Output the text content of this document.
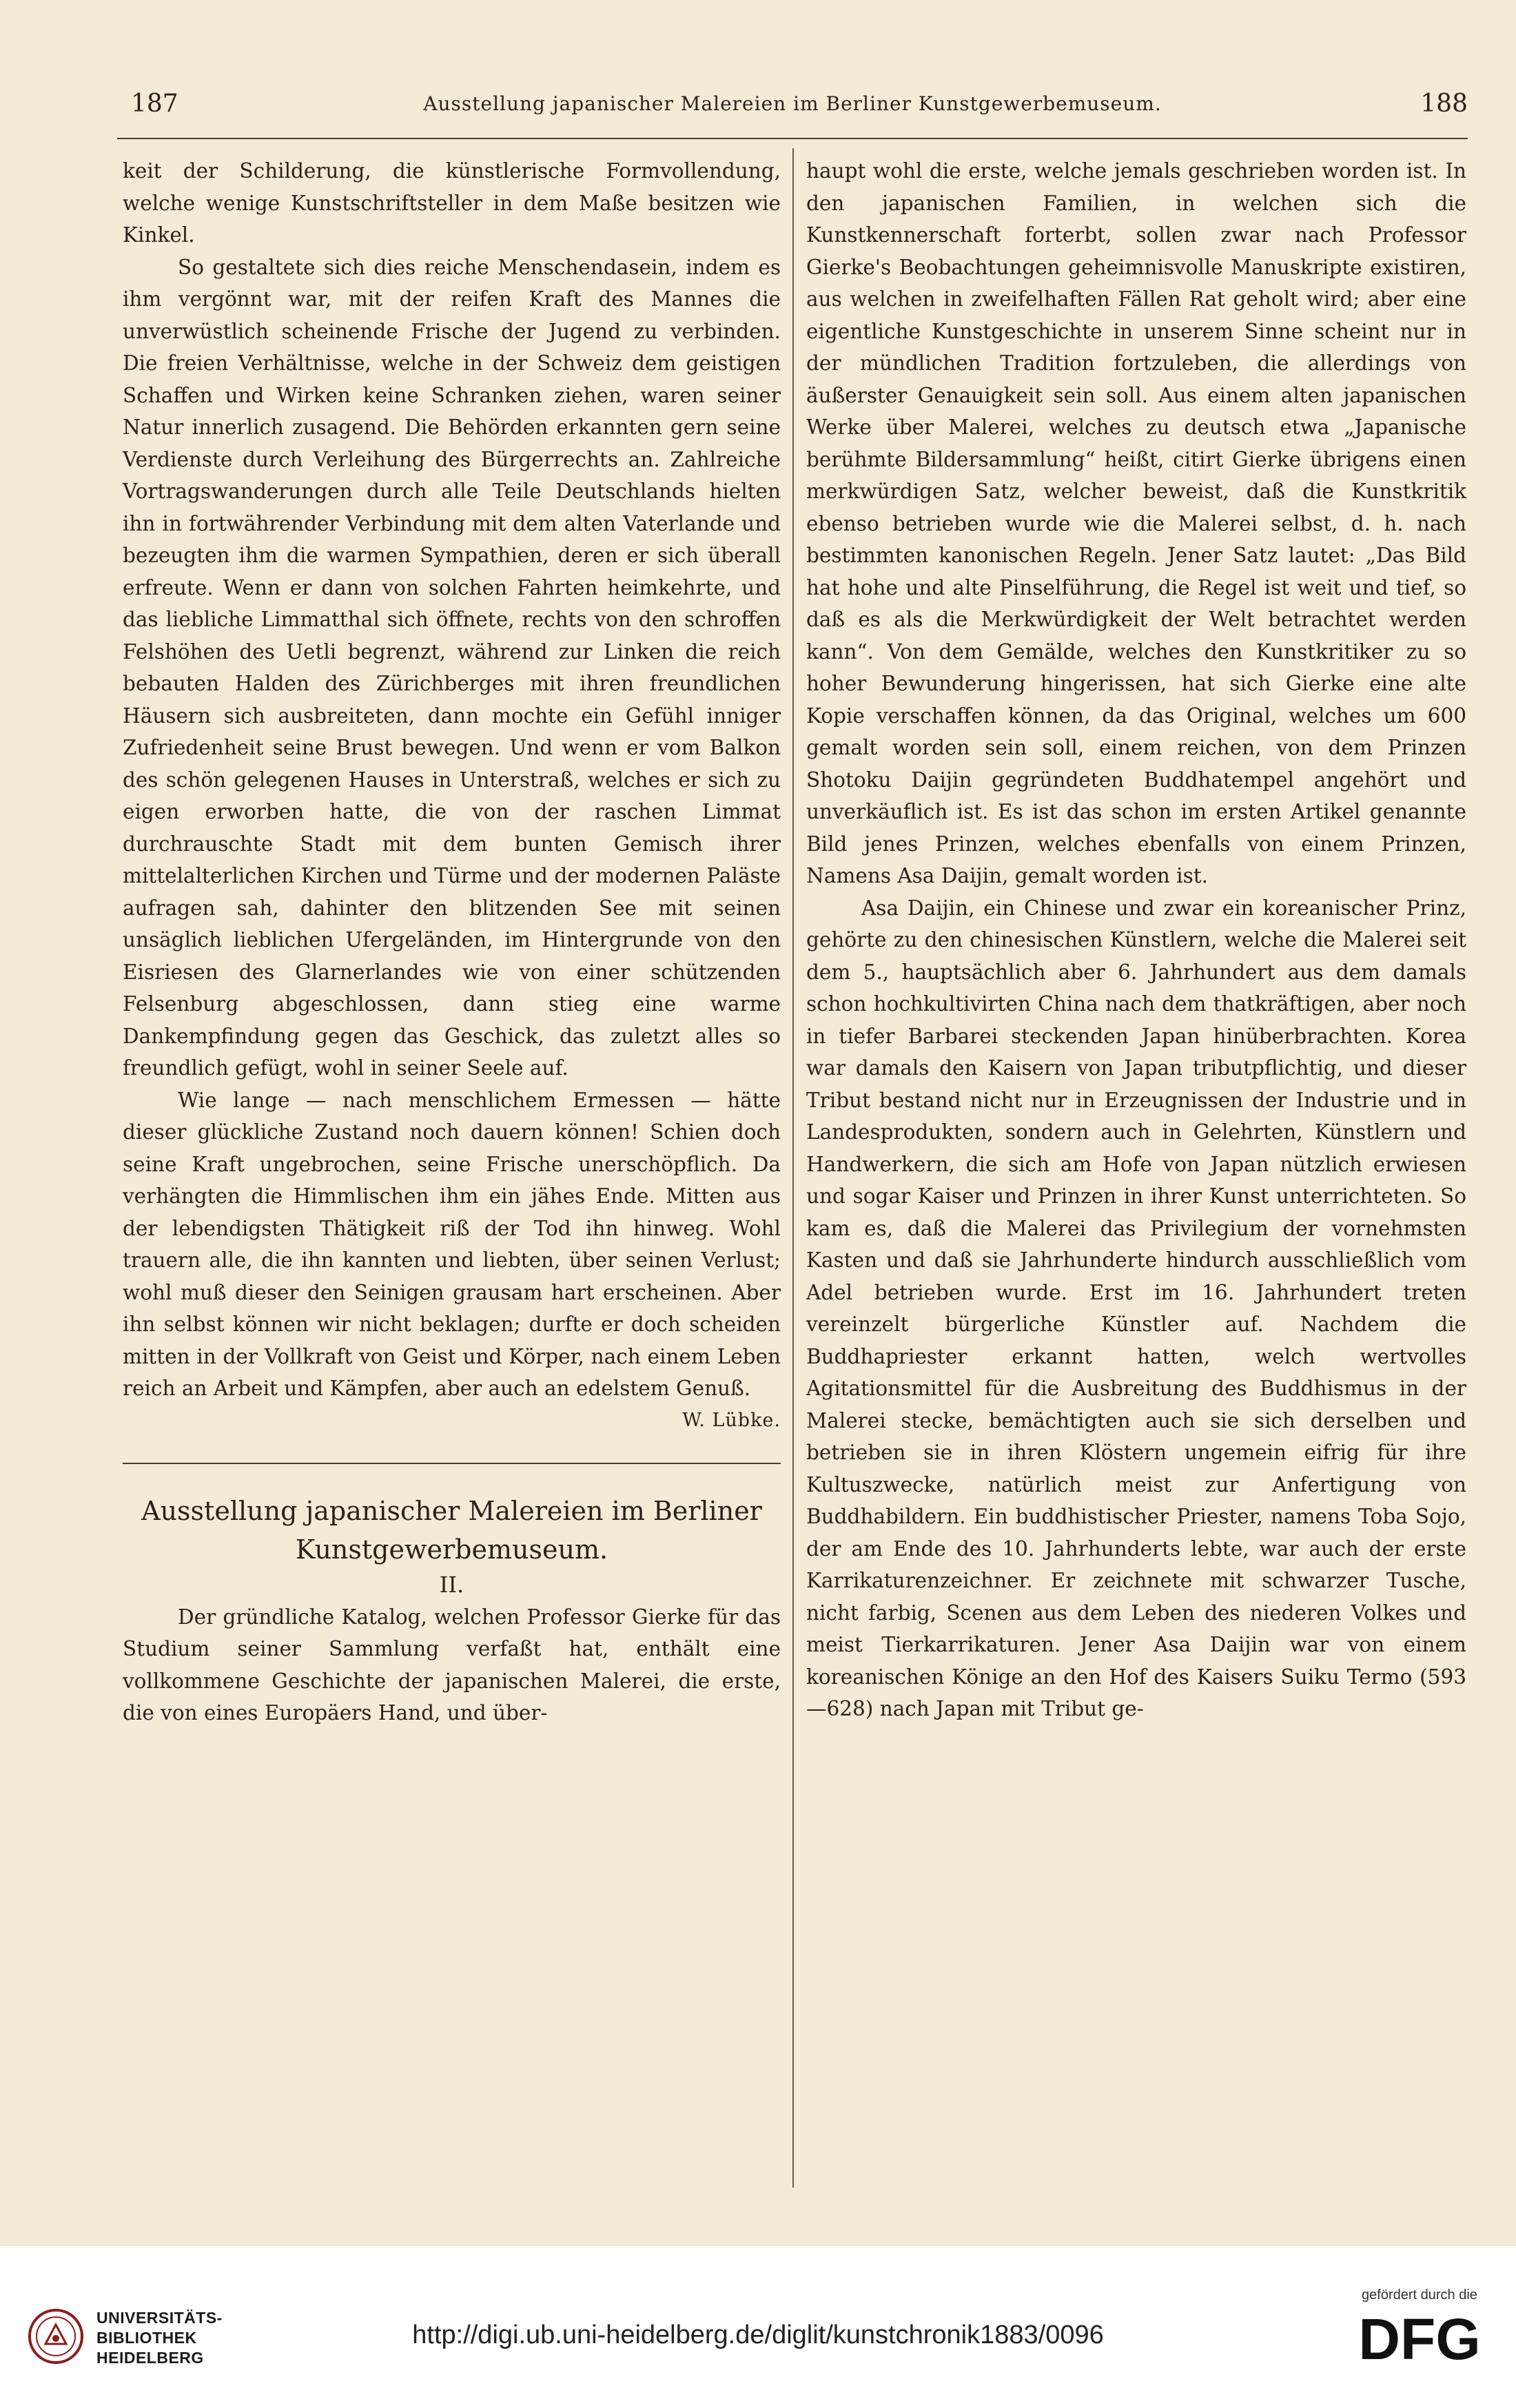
187	Ausstellung japanischer Malereien im Berliner Kunstgewerbemuseum.	188

keit der Schilderung, die künstlerische Formvollendung, welche wenige Kunstschriftsteller in dem Maße besitzen wie Kinkel.

So gestaltete sich dies reiche Menschendasein, indem es ihm vergönnt war, mit der reifen Kraft des Mannes die unverwüstlich scheinende Frische der Jugend zu verbinden. Die freien Verhältnisse, welche in der Schweiz dem geistigen Schaffen und Wirken keine Schranken ziehen, waren seiner Natur innerlich zusagend. Die Behörden erkannten gern seine Verdienste durch Verleihung des Bürgerrechts an. Zahlreiche Vortragswanderungen durch alle Teile Deutschlands hielten ihn in fortwährender Verbindung mit dem alten Vaterlande und bezeugten ihm die warmen Sympathien, deren er sich überall erfreute. Wenn er dann von solchen Fahrten heimkehrte, und das liebliche Limmatthal sich öffnete, rechts von den schroffen Felshöhen des Uetli begrenzt, während zur Linken die reich bebauten Halden des Zürichberges mit ihren freundlichen Häusern sich ausbreiteten, dann mochte ein Gefühl inniger Zufriedenheit seine Brust bewegen. Und wenn er vom Balkon des schön gelegenen Hauses in Unterstraß, welches er sich zu eigen erworben hatte, die von der raschen Limmat durchrauschte Stadt mit dem bunten Gemisch ihrer mittelalterlichen Kirchen und Türme und der modernen Paläste aufragen sah, dahinter den blitzenden See mit seinen unsäglich lieblichen Ufergeländen, im Hintergrunde von den Eisriesen des Glarnerlandes wie von einer schützenden Felsenburg abgeschlossen, dann stieg eine warme Dankempfindung gegen das Geschick, das zuletzt alles so freundlich gefügt, wohl in seiner Seele auf.

Wie lange — nach menschlichem Ermessen — hätte dieser glückliche Zustand noch dauern können! Schien doch seine Kraft ungebrochen, seine Frische unerschöpflich. Da verhängten die Himmlischen ihm ein jähes Ende. Mitten aus der lebendigsten Thätigkeit riß der Tod ihn hinweg. Wohl trauern alle, die ihn kannten und liebten, über seinen Verlust; wohl muß dieser den Seinigen grausam hart erscheinen. Aber ihn selbst können wir nicht beklagen; durfte er doch scheiden mitten in der Vollkraft von Geist und Körper, nach einem Leben reich an Arbeit und Kämpfen, aber auch an edelstem Genuß.

W. Lübke.

Ausstellung japanischer Malereien im Berliner Kunstgewerbemuseum.

II.

Der gründliche Katalog, welchen Professor Gierke für das Studium seiner Sammlung verfaßt hat, enthält eine vollkommene Geschichte der japanischen Malerei, die erste, die von eines Europäers Hand, und über-

haupt wohl die erste, welche jemals geschrieben worden ist. In den japanischen Familien, in welchen sich die Kunstkennerschaft forterbt, sollen zwar nach Professor Gierke's Beobachtungen geheimnisvolle Manuskripte existiren, aus welchen in zweifelhaften Fällen Rat geholt wird; aber eine eigentliche Kunstgeschichte in unserem Sinne scheint nur in der mündlichen Tradition fortzuleben, die allerdings von äußerster Genauigkeit sein soll. Aus einem alten japanischen Werke über Malerei, welches zu deutsch etwa „Japanische berühmte Bildersammlung“ heißt, citirt Gierke übrigens einen merkwürdigen Satz, welcher beweist, daß die Kunstkritik ebenso betrieben wurde wie die Malerei selbst, d. h. nach bestimmten kanonischen Regeln. Jener Satz lautet: „Das Bild hat hohe und alte Pinselführung, die Regel ist weit und tief, so daß es als die Merkwürdigkeit der Welt betrachtet werden kann“. Von dem Gemälde, welches den Kunstkritiker zu so hoher Bewunderung hingerissen, hat sich Gierke eine alte Kopie verschaffen können, da das Original, welches um 600 gemalt worden sein soll, einem reichen, von dem Prinzen Shotoku Daijin gegründeten Buddhatempel angehört und unverkäuflich ist. Es ist das schon im ersten Artikel genannte Bild jenes Prinzen, welches ebenfalls von einem Prinzen, Namens Asa Daijin, gemalt worden ist.

Asa Daijin, ein Chinese und zwar ein koreanischer Prinz, gehörte zu den chinesischen Künstlern, welche die Malerei seit dem 5., hauptsächlich aber 6. Jahrhundert aus dem damals schon hochkultivirten China nach dem thatkräftigen, aber noch in tiefer Barbarei steckenden Japan hinüberbrachten. Korea war damals den Kaisern von Japan tributpflichtig, und dieser Tribut bestand nicht nur in Erzeugnissen der Industrie und in Landesprodukten, sondern auch in Gelehrten, Künstlern und Handwerkern, die sich am Hofe von Japan nützlich erwiesen und sogar Kaiser und Prinzen in ihrer Kunst unterrichteten. So kam es, daß die Malerei das Privilegium der vornehmsten Kasten und daß sie Jahrhunderte hindurch ausschließlich vom Adel betrieben wurde. Erst im 16. Jahrhundert treten vereinzelt bürgerliche Künstler auf. Nachdem die Buddhapriester erkannt hatten, welch wertvolles Agitationsmittel für die Ausbreitung des Buddhismus in der Malerei stecke, bemächtigten auch sie sich derselben und betrieben sie in ihren Klöstern ungemein eifrig für ihre Kultuszwecke, natürlich meist zur Anfertigung von Buddhabildern. Ein buddhistischer Priester, namens Toba Sojo, der am Ende des 10. Jahrhunderts lebte, war auch der erste Karrikaturenzeichner. Er zeichnete mit schwarzer Tusche, nicht farbig, Scenen aus dem Leben des niederen Volkes und meist Tierkarrikaturen. Jener Asa Daijin war von einem koreanischen Könige an den Hof des Kaisers Suiku Termo (593—628) nach Japan mit Tribut ge-

UNIVERSITÄTS-
BIBLIOTHEK
HEIDELBERG
http://digi.ub.uni-heidelberg.de/diglit/kunstchronik1883/0096
gefördert durch die
DFG
